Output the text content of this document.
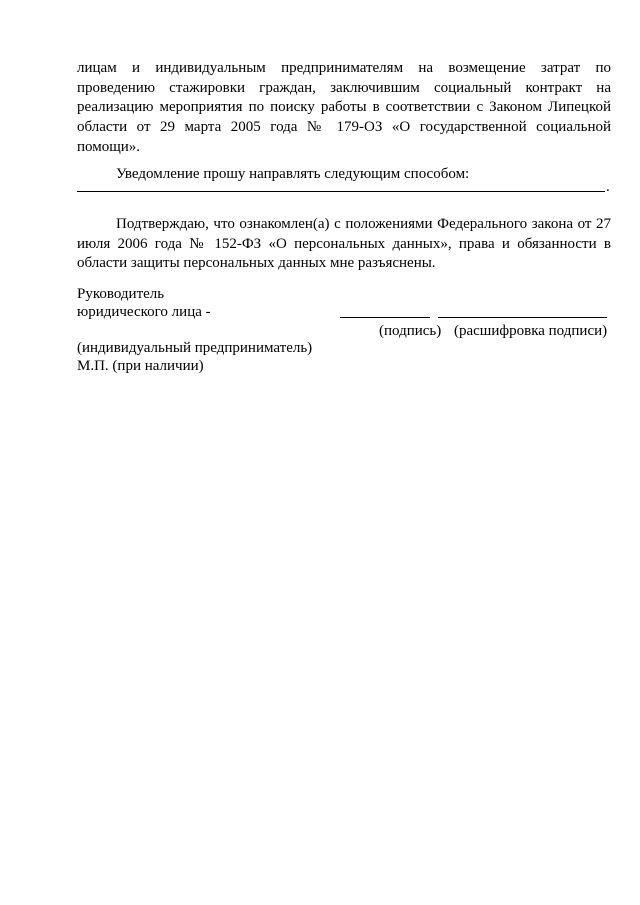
лицам и индивидуальным предпринимателям на возмещение затрат по
проведению стажировки граждан, заключившим социальный контракт на
реализацию мероприятия по поиску работы в соответствии с Законом Липецкой
области от 29 марта 2005 года № 179-ОЗ «О государственной социальной
помощи».

Уведомление прошу направлять следующим способом:

.

Подтверждаю, что ознакомлен(а) с положениями Федерального закона от 27
июля 2006 года № 152-ФЗ «О персональных данных», права и обязанности в
области защиты персональных данных мне разъяснены.

Руководитель

юридического лица -

(подпись) (расшифровка подписи)

(индивидуальный предприниматель)

М.П. (при наличии)
